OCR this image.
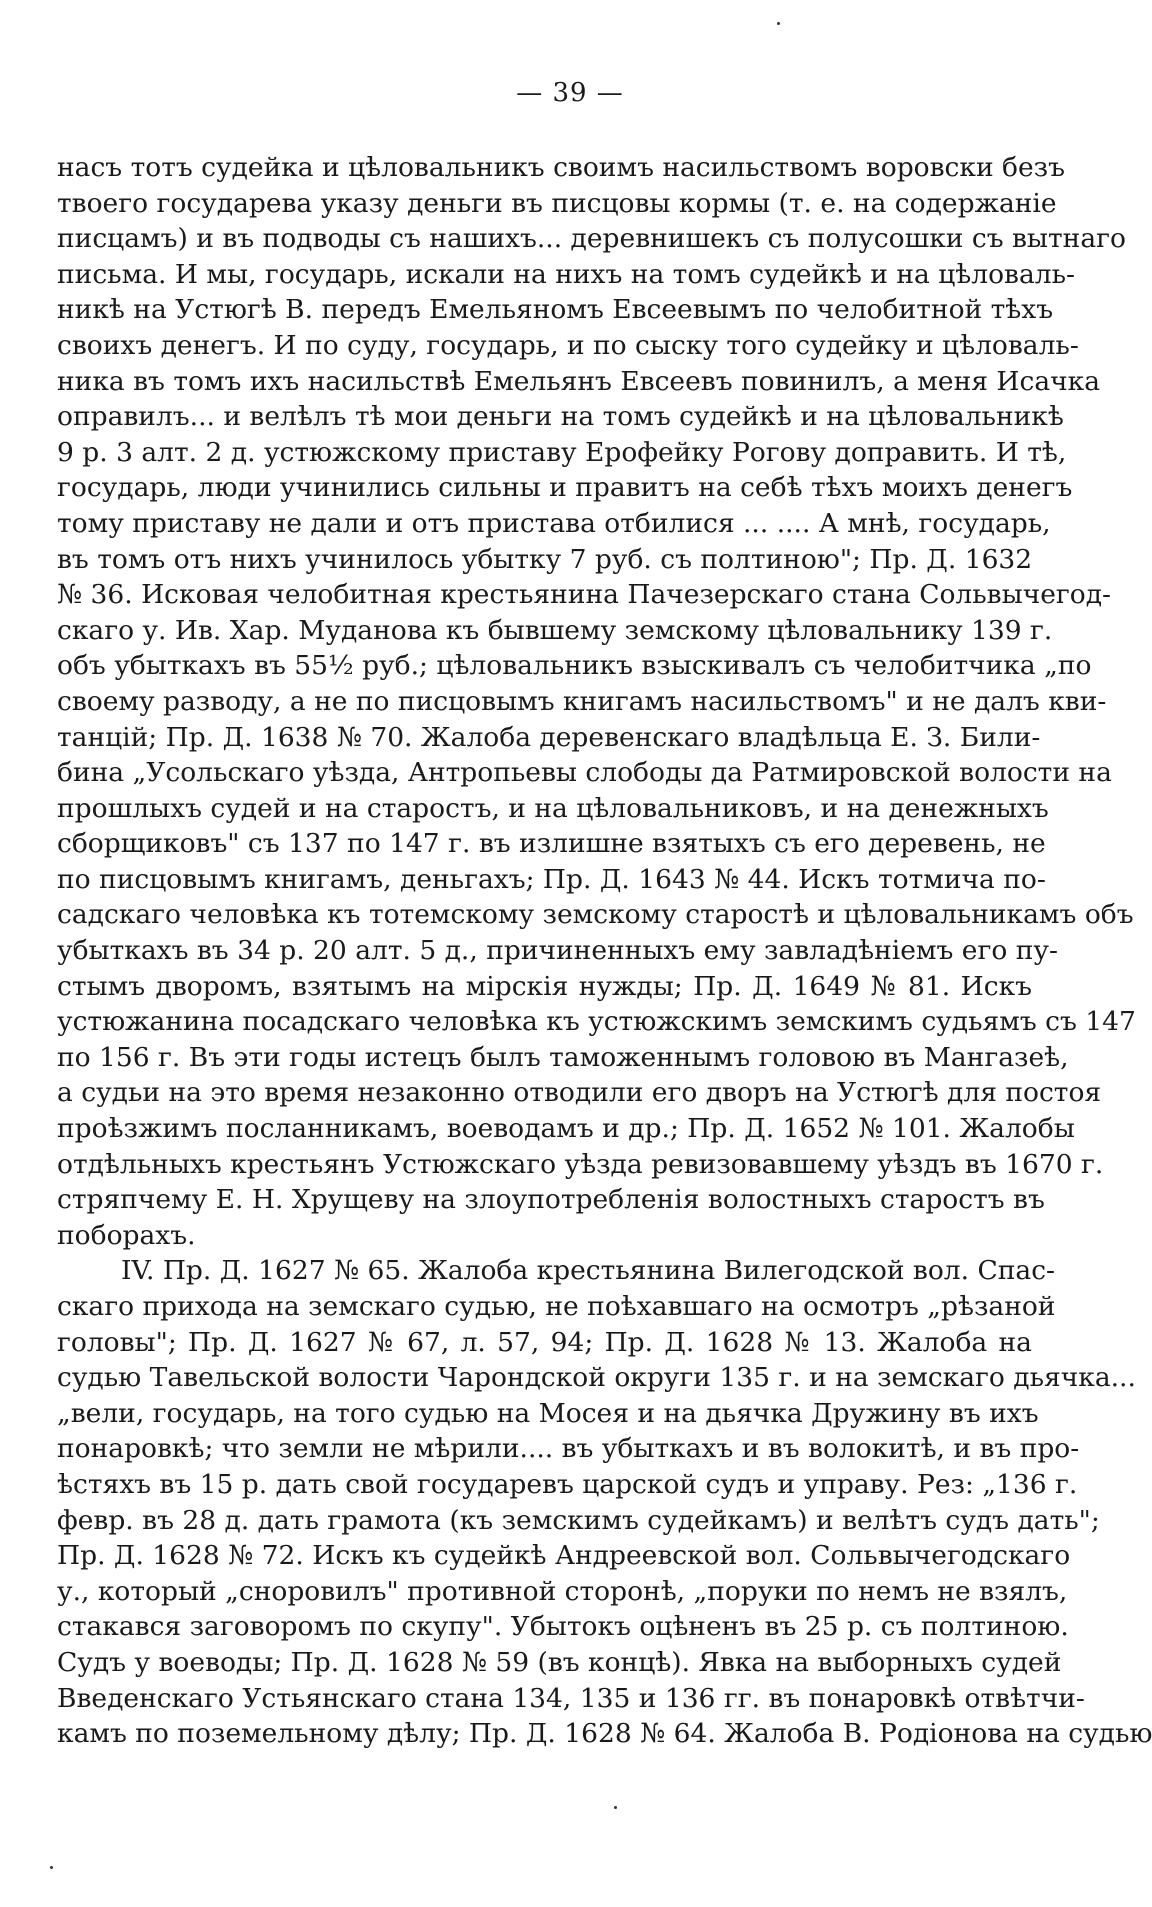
— 39 —
насъ тотъ судейка и цѣловальникъ своимъ насильствомъ воровски безъ
твоего государева указу деньги въ писцовы кормы (т. е. на содержаніе
писцамъ) и въ подводы съ нашихъ... деревнишекъ съ полусошки съ вытнаго
письма. И мы, государь, искали на нихъ на томъ судейкѣ и на цѣловаль-
никѣ на Устюгѣ В. передъ Емельяномъ Евсеевымъ по челобитной тѣхъ
своихъ денегъ. И по суду, государь, и по сыску того судейку и цѣловаль-
ника въ томъ ихъ насильствѣ Емельянъ Евсеевъ повинилъ, а меня Исачка
оправилъ... и велѣлъ тѣ мои деньги на томъ судейкѣ и на цѣловальникѣ
9 р. 3 алт. 2 д. устюжскому приставу Ерофейку Рогову доправить. И тѣ,
государь, люди учинились сильны и правитъ на себѣ тѣхъ моихъ денегъ
тому приставу не дали и отъ пристава отбилися ... .... А мнѣ, государь,
въ томъ отъ нихъ учинилось убытку 7 руб. съ полтиною"; Пр. Д. 1632
№ 36. Исковая челобитная крестьянина Пачезерскаго стана Сольвычегод-
скаго у. Ив. Хар. Муданова къ бывшему земскому цѣловальнику 139 г.
объ убыткахъ въ 55½ руб.; цѣловальникъ взыскивалъ съ челобитчика „по
своему разводу, а не по писцовымъ книгамъ насильствомъ" и не далъ кви-
танцій; Пр. Д. 1638 № 70. Жалоба деревенскаго владѣльца Е. З. Били-
бина „Усольскаго уѣзда, Антропьевы слободы да Ратмировской волости на
прошлыхъ судей и на старостъ, и на цѣловальниковъ, и на денежныхъ
сборщиковъ" съ 137 по 147 г. въ излишне взятыхъ съ его деревень, не
по писцовымъ книгамъ, деньгахъ; Пр. Д. 1643 № 44. Искъ тотмича по-
садскаго человѣка къ тотемскому земскому старостѣ и цѣловальникамъ объ
убыткахъ въ 34 р. 20 алт. 5 д., причиненныхъ ему завладѣніемъ его пу-
стымъ дворомъ, взятымъ на мірскія нужды; Пр. Д. 1649 № 81. Искъ
устюжанина посадскаго человѣка къ устюжскимъ земскимъ судьямъ съ 147
по 156 г. Въ эти годы истецъ былъ таможеннымъ головою въ Мангазеѣ,
а судьи на это время незаконно отводили его дворъ на Устюгѣ для постоя
проѣзжимъ посланникамъ, воеводамъ и др.; Пр. Д. 1652 № 101. Жалобы
отдѣльныхъ крестьянъ Устюжскаго уѣзда ревизовавшему уѣздъ въ 1670 г.
стряпчему Е. Н. Хрущеву на злоупотребленія волостныхъ старостъ въ
поборахъ.
IV. Пр. Д. 1627 № 65. Жалоба крестьянина Вилегодской вол. Спас-
скаго прихода на земскаго судью, не поѣхавшаго на осмотръ „рѣзаной
головы"; Пр. Д. 1627 № 67, л. 57, 94; Пр. Д. 1628 № 13. Жалоба на
судью Тавельской волости Чарондской округи 135 г. и на земскаго дьячка...
„вели, государь, на того судью на Мосея и на дьячка Дружину въ ихъ
понаровкѣ; что земли не мѣрили.... въ убыткахъ и въ волокитѣ, и въ про-
ѣстяхъ въ 15 р. дать свой государевъ царской судъ и управу. Рез: „136 г.
февр. въ 28 д. дать грамота (къ земскимъ судейкамъ) и велѣтъ судъ дать";
Пр. Д. 1628 № 72. Искъ къ судейкѣ Андреевской вол. Сольвычегодскаго
у., который „сноровилъ" противной сторонѣ, „поруки по немъ не взялъ,
стакався заговоромъ по скупу". Убытокъ оцѣненъ въ 25 р. съ полтиною.
Судъ у воеводы; Пр. Д. 1628 № 59 (въ концѣ). Явка на выборныхъ судей
Введенскаго Устьянскаго стана 134, 135 и 136 гг. въ понаровкѣ отвѣтчи-
камъ по поземельному дѣлу; Пр. Д. 1628 № 64. Жалоба В. Родіонова на судью
